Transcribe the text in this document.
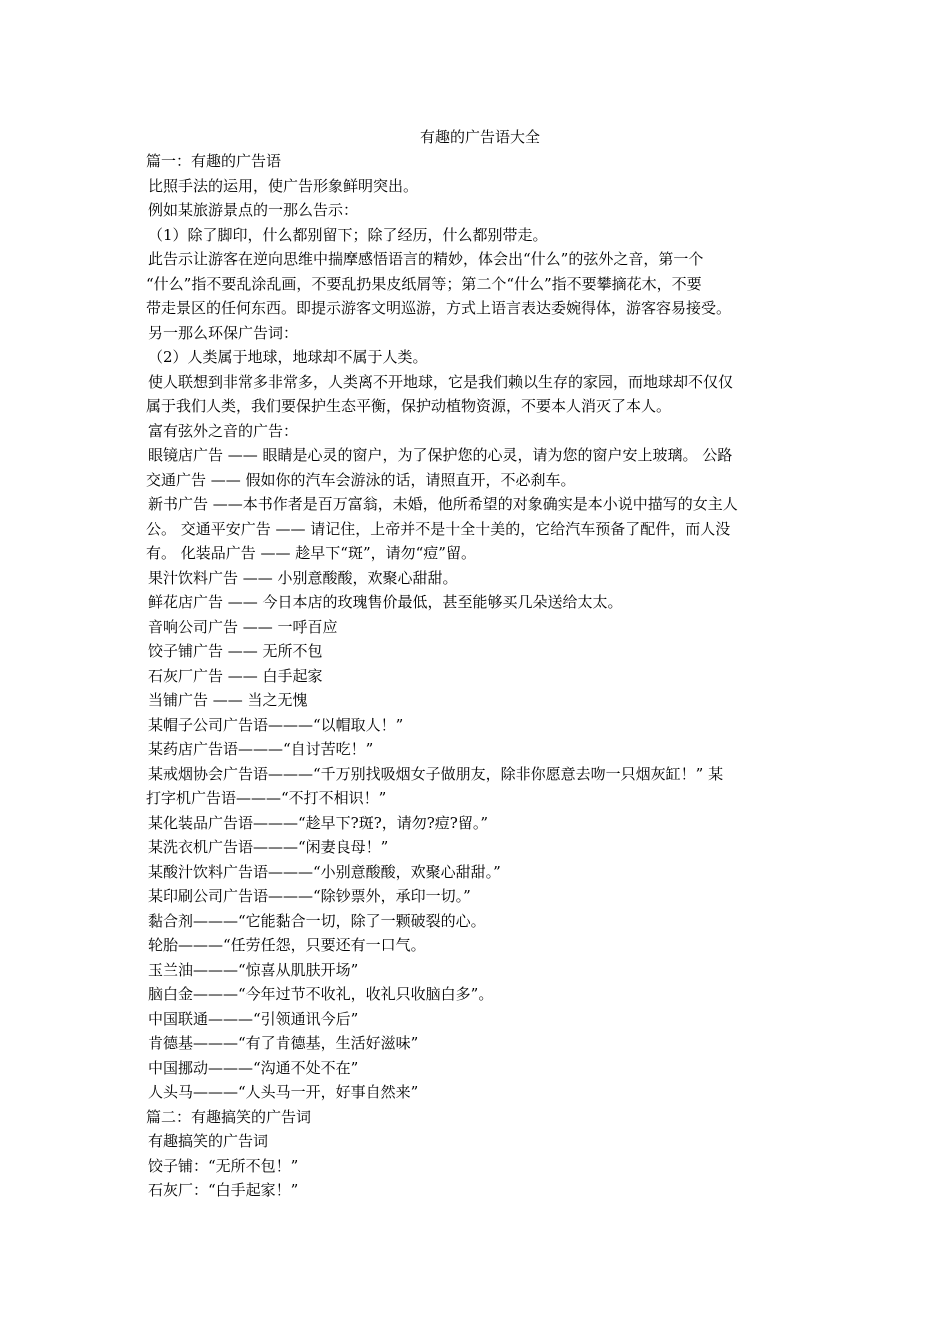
有趣的广告语大全

篇一：有趣的广告语

比照手法的运用，使广告形象鲜明突出。

例如某旅游景点的一那么告示：

（1）除了脚印，什么都别留下；除了经历，什么都别带走。

此告示让游客在逆向思维中揣摩感悟语言的精妙，体会出“什么”的弦外之音，第一个

“什么”指不要乱涂乱画，不要乱扔果皮纸屑等；第二个“什么”指不要攀摘花木，不要

带走景区的任何东西。即提示游客文明巡游，方式上语言表达委婉得体，游客容易接受。

另一那么环保广告词：

（2）人类属于地球，地球却不属于人类。

使人联想到非常多非常多，人类离不开地球，它是我们赖以生存的家园，而地球却不仅仅

属于我们人类，我们要保护生态平衡，保护动植物资源，不要本人消灭了本人。

富有弦外之音的广告：

眼镜店广告 —— 眼睛是心灵的窗户，为了保护您的心灵，请为您的窗户安上玻璃。 公路

交通广告 —— 假如你的汽车会游泳的话，请照直开，不必刹车。

新书广告 ——本书作者是百万富翁，未婚，他所希望的对象确实是本小说中描写的女主人

公。 交通平安广告 —— 请记住，上帝并不是十全十美的，它给汽车预备了配件，而人没

有。 化装品广告 —— 趁早下“斑”，请勿“痘”留。

果汁饮料广告 —— 小别意酸酸，欢聚心甜甜。

鲜花店广告 —— 今日本店的玫瑰售价最低，甚至能够买几朵送给太太。

音响公司广告 —— 一呼百应

饺子铺广告 —— 无所不包

石灰厂广告 —— 白手起家

当铺广告 —— 当之无愧

某帽子公司广告语———“以帽取人！”

某药店广告语———“自讨苦吃！”

某戒烟协会广告语———“千万别找吸烟女子做朋友，除非你愿意去吻一只烟灰缸！” 某

打字机广告语———“不打不相识！”

某化装品广告语———“趁早下?斑?，请勿?痘?留。”

某洗衣机广告语———“闲妻良母！”

某酸汁饮料广告语———“小别意酸酸，欢聚心甜甜。”

某印刷公司广告语———“除钞票外，承印一切。”

黏合剂———“它能黏合一切，除了一颗破裂的心。

轮胎———“任劳任怨，只要还有一口气。

玉兰油———“惊喜从肌肤开场”

脑白金———“今年过节不收礼，收礼只收脑白多”。

中国联通———“引领通讯今后”

肯德基———“有了肯德基，生活好滋味”

中国挪动———“沟通不处不在”

人头马———“人头马一开，好事自然来”

篇二：有趣搞笑的广告词

有趣搞笑的广告词

饺子铺：“无所不包！”

石灰厂：“白手起家！”
